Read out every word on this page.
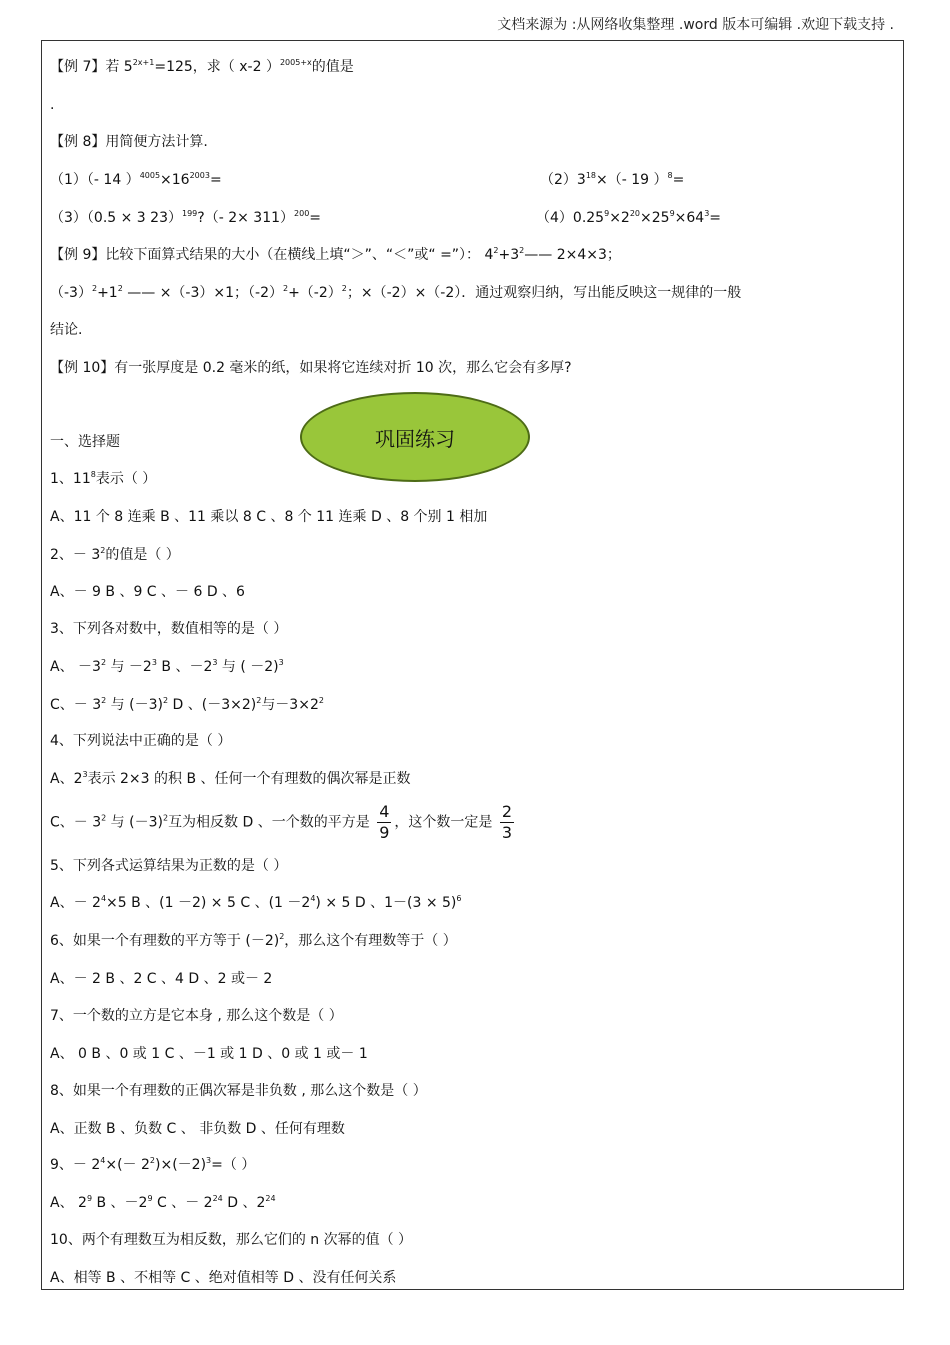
文档来源为 :从网络收集整理 .word 版本可编辑 .欢迎下载支持 .
【例 7】若 $5^{2x+1}=125$，求（ x-2 ）$^{2005+x}$的值是
.
【例 8】用简便方法计算.
（1）（- 14 ）$^{4005}\times 16^{2003}=$	$(2)3^{18}\times(-$ 19 ）$^8$=
（3）（0.5 × 3 23）$^{199}$?（- 2× 311）$^{200}$=	$(4)0.25^9\times 2^{20}\times 25^9\times 64^3=$
【例 9】比较下面算式结果的大小（在横线上填“＞”、“＜”或“ =”）： $4^2+3^2——$ 2×4×3；
$(-3)^2+1^2$ —— ×（-3）×1；$(-2)^2+(-2)^2$；×（-2）×（-2）．通过观察归纳，写出能反映这一规律的一般
结论.
【例 10】有一张厚度是 0.2 毫米的纸，如果将它连续对折 10 次，那么它会有多厚?
巩固练习
一、选择题
1、$11^8$表示（ ）
A、11 个 8 连乘 B 、11 乘以 8 C 、8 个 11 连乘 D 、8 个别 1 相加
2、－ $3^2$的值是（ ）
A、－ 9 B 、9 C 、－ 6 D 、6
3、下列各对数中，数值相等的是（ ）
A、 $-3^2$ 与 $-2^3$ B 、$-2^3$ 与 ( －2)$^3$
C、－ $3^2$ 与 $(-3)^2$ D 、$(-3\times 2)^2$与$-3\times 2^2$
4、下列说法中正确的是（ ）
A、$2^3$表示 2×3 的积 B 、任何一个有理数的偶次幂是正数
C、－ $3^2$ 与 $(-3)^2$互为相反数 D 、一个数的平方是 $\frac{4}{9}$ ，这个数一定是 $\frac{2}{3}$
5、下列各式运算结果为正数的是（ ）
A、－ $2^4\times 5$ B 、(1 －2) × 5 C 、$(1 -2^4) \times 5$ D 、$1-(3 \times 5)^6$
6、如果一个有理数的平方等于 $(-2)^2$，那么这个有理数等于（ ）
A、－ 2 B 、2 C 、4 D 、2 或－ 2
7、一个数的立方是它本身 , 那么这个数是（ ）
A、 0 B 、0 或 1 C 、－1 或 1 D 、0 或 1 或－ 1
8、如果一个有理数的正偶次幂是非负数 , 那么这个数是（ ）
A、正数 B 、负数 C 、 非负数 D 、任何有理数
9、－ $2^4\times(- 2^2)\times(-2)^3=$（ ）
A、 $2^9$ B 、$-2^9$ C 、－ $2^{24}$ D 、$2^{24}$
10、两个有理数互为相反数，那么它们的 n 次幂的值（ ）
A、相等 B 、不相等 C 、绝对值相等 D 、没有任何关系
